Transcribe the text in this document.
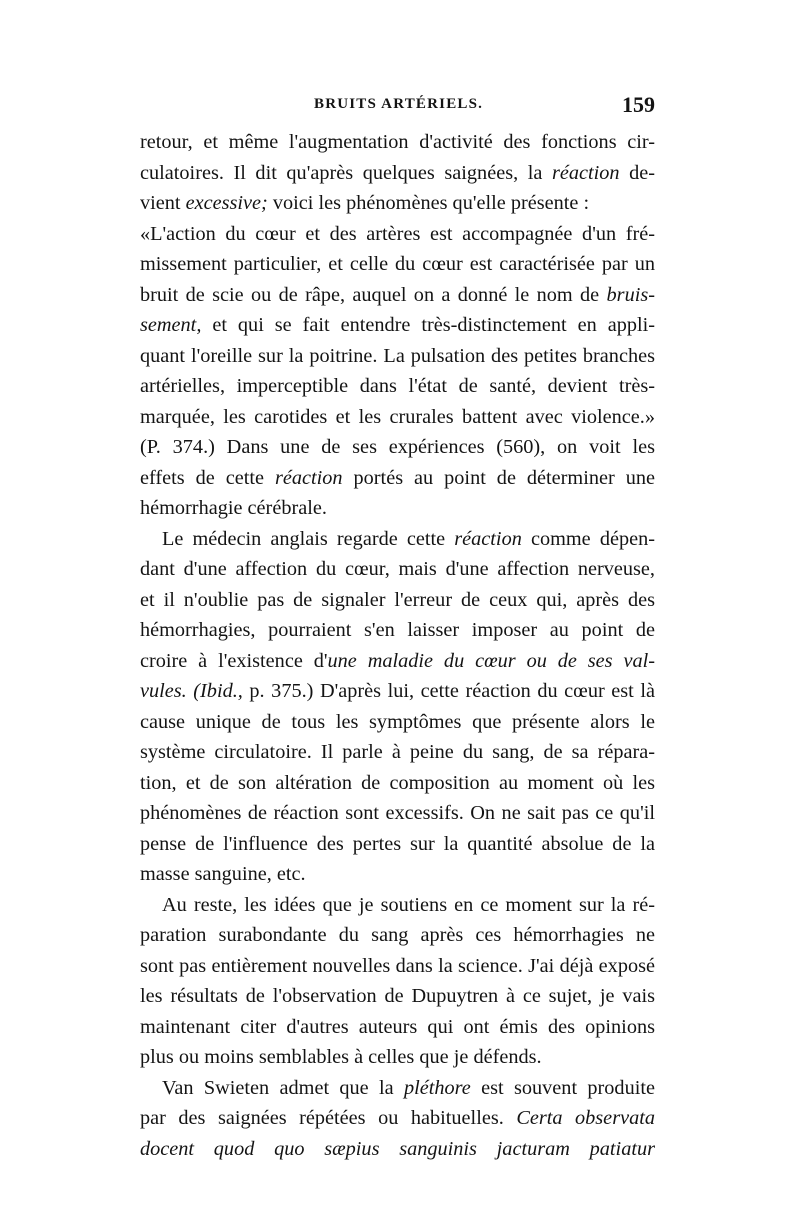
BRUITS ARTÉRIELS.	159
retour, et même l'augmentation d'activité des fonctions cir-
culatoires. Il dit qu'après quelques saignées, la réaction de-
vient excessive; voici les phénomènes qu'elle présente :
«L'action du cœur et des artères est accompagnée d'un fré-
missement particulier, et celle du cœur est caractérisée par un
bruit de scie ou de râpe, auquel on a donné le nom de bruis-
sement, et qui se fait entendre très-distinctement en appli-
quant l'oreille sur la poitrine. La pulsation des petites branches
artérielles, imperceptible dans l'état de santé, devient très-
marquée, les carotides et les crurales battent avec violence.»
(P. 374.) Dans une de ses expériences (560), on voit les
effets de cette réaction portés au point de déterminer une
hémorrhagie cérébrale.
Le médecin anglais regarde cette réaction comme dépen-
dant d'une affection du cœur, mais d'une affection nerveuse,
et il n'oublie pas de signaler l'erreur de ceux qui, après des
hémorrhagies, pourraient s'en laisser imposer au point de
croire à l'existence d'une maladie du cœur ou de ses val-
vules. (Ibid., p. 375.) D'après lui, cette réaction du cœur est là
cause unique de tous les symptômes que présente alors le
système circulatoire. Il parle à peine du sang, de sa répara-
tion, et de son altération de composition au moment où les
phénomènes de réaction sont excessifs. On ne sait pas ce qu'il
pense de l'influence des pertes sur la quantité absolue de la
masse sanguine, etc.
Au reste, les idées que je soutiens en ce moment sur la ré-
paration surabondante du sang après ces hémorrhagies ne
sont pas entièrement nouvelles dans la science. J'ai déjà exposé
les résultats de l'observation de Dupuytren à ce sujet, je vais
maintenant citer d'autres auteurs qui ont émis des opinions
plus ou moins semblables à celles que je défends.
Van Swieten admet que la pléthore est souvent produite
par des saignées répétées ou habituelles. Certa observata
docent quod quo sæpius sanguinis jacturam patiatur
